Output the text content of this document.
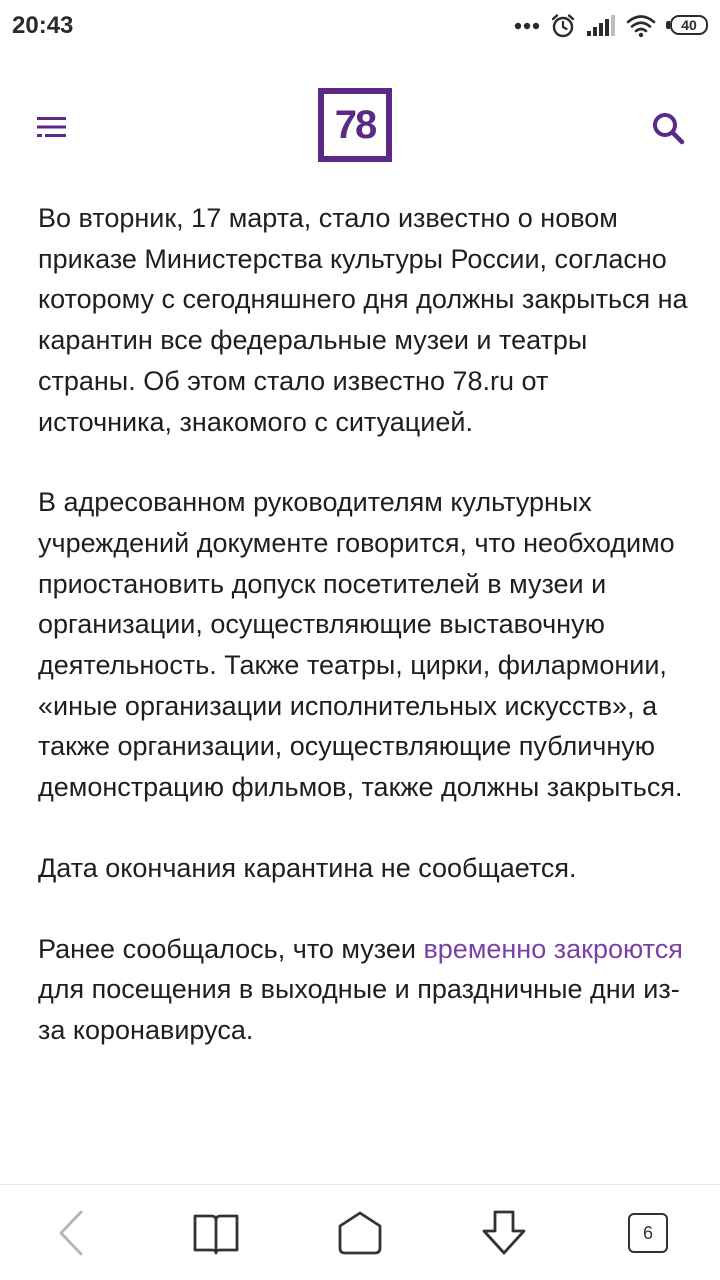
20:43	40
78

Во вторник, 17 марта, стало известно о новом приказе Министерства культуры России, согласно которому с сегодняшнего дня должны закрыться на карантин все федеральные музеи и театры страны. Об этом стало известно 78.ru от источника, знакомого с ситуацией.

В адресованном руководителям культурных учреждений документе говорится, что необходимо приостановить допуск посетителей в музеи и организации, осуществляющие выставочную деятельность. Также театры, цирки, филармонии, «иные организации исполнительных искусств», а также организации, осуществляющие публичную демонстрацию фильмов, также должны закрыться.

Дата окончания карантина не сообщается.

Ранее сообщалось, что музеи временно закроются для посещения в выходные и праздничные дни из-за коронавируса.

6
